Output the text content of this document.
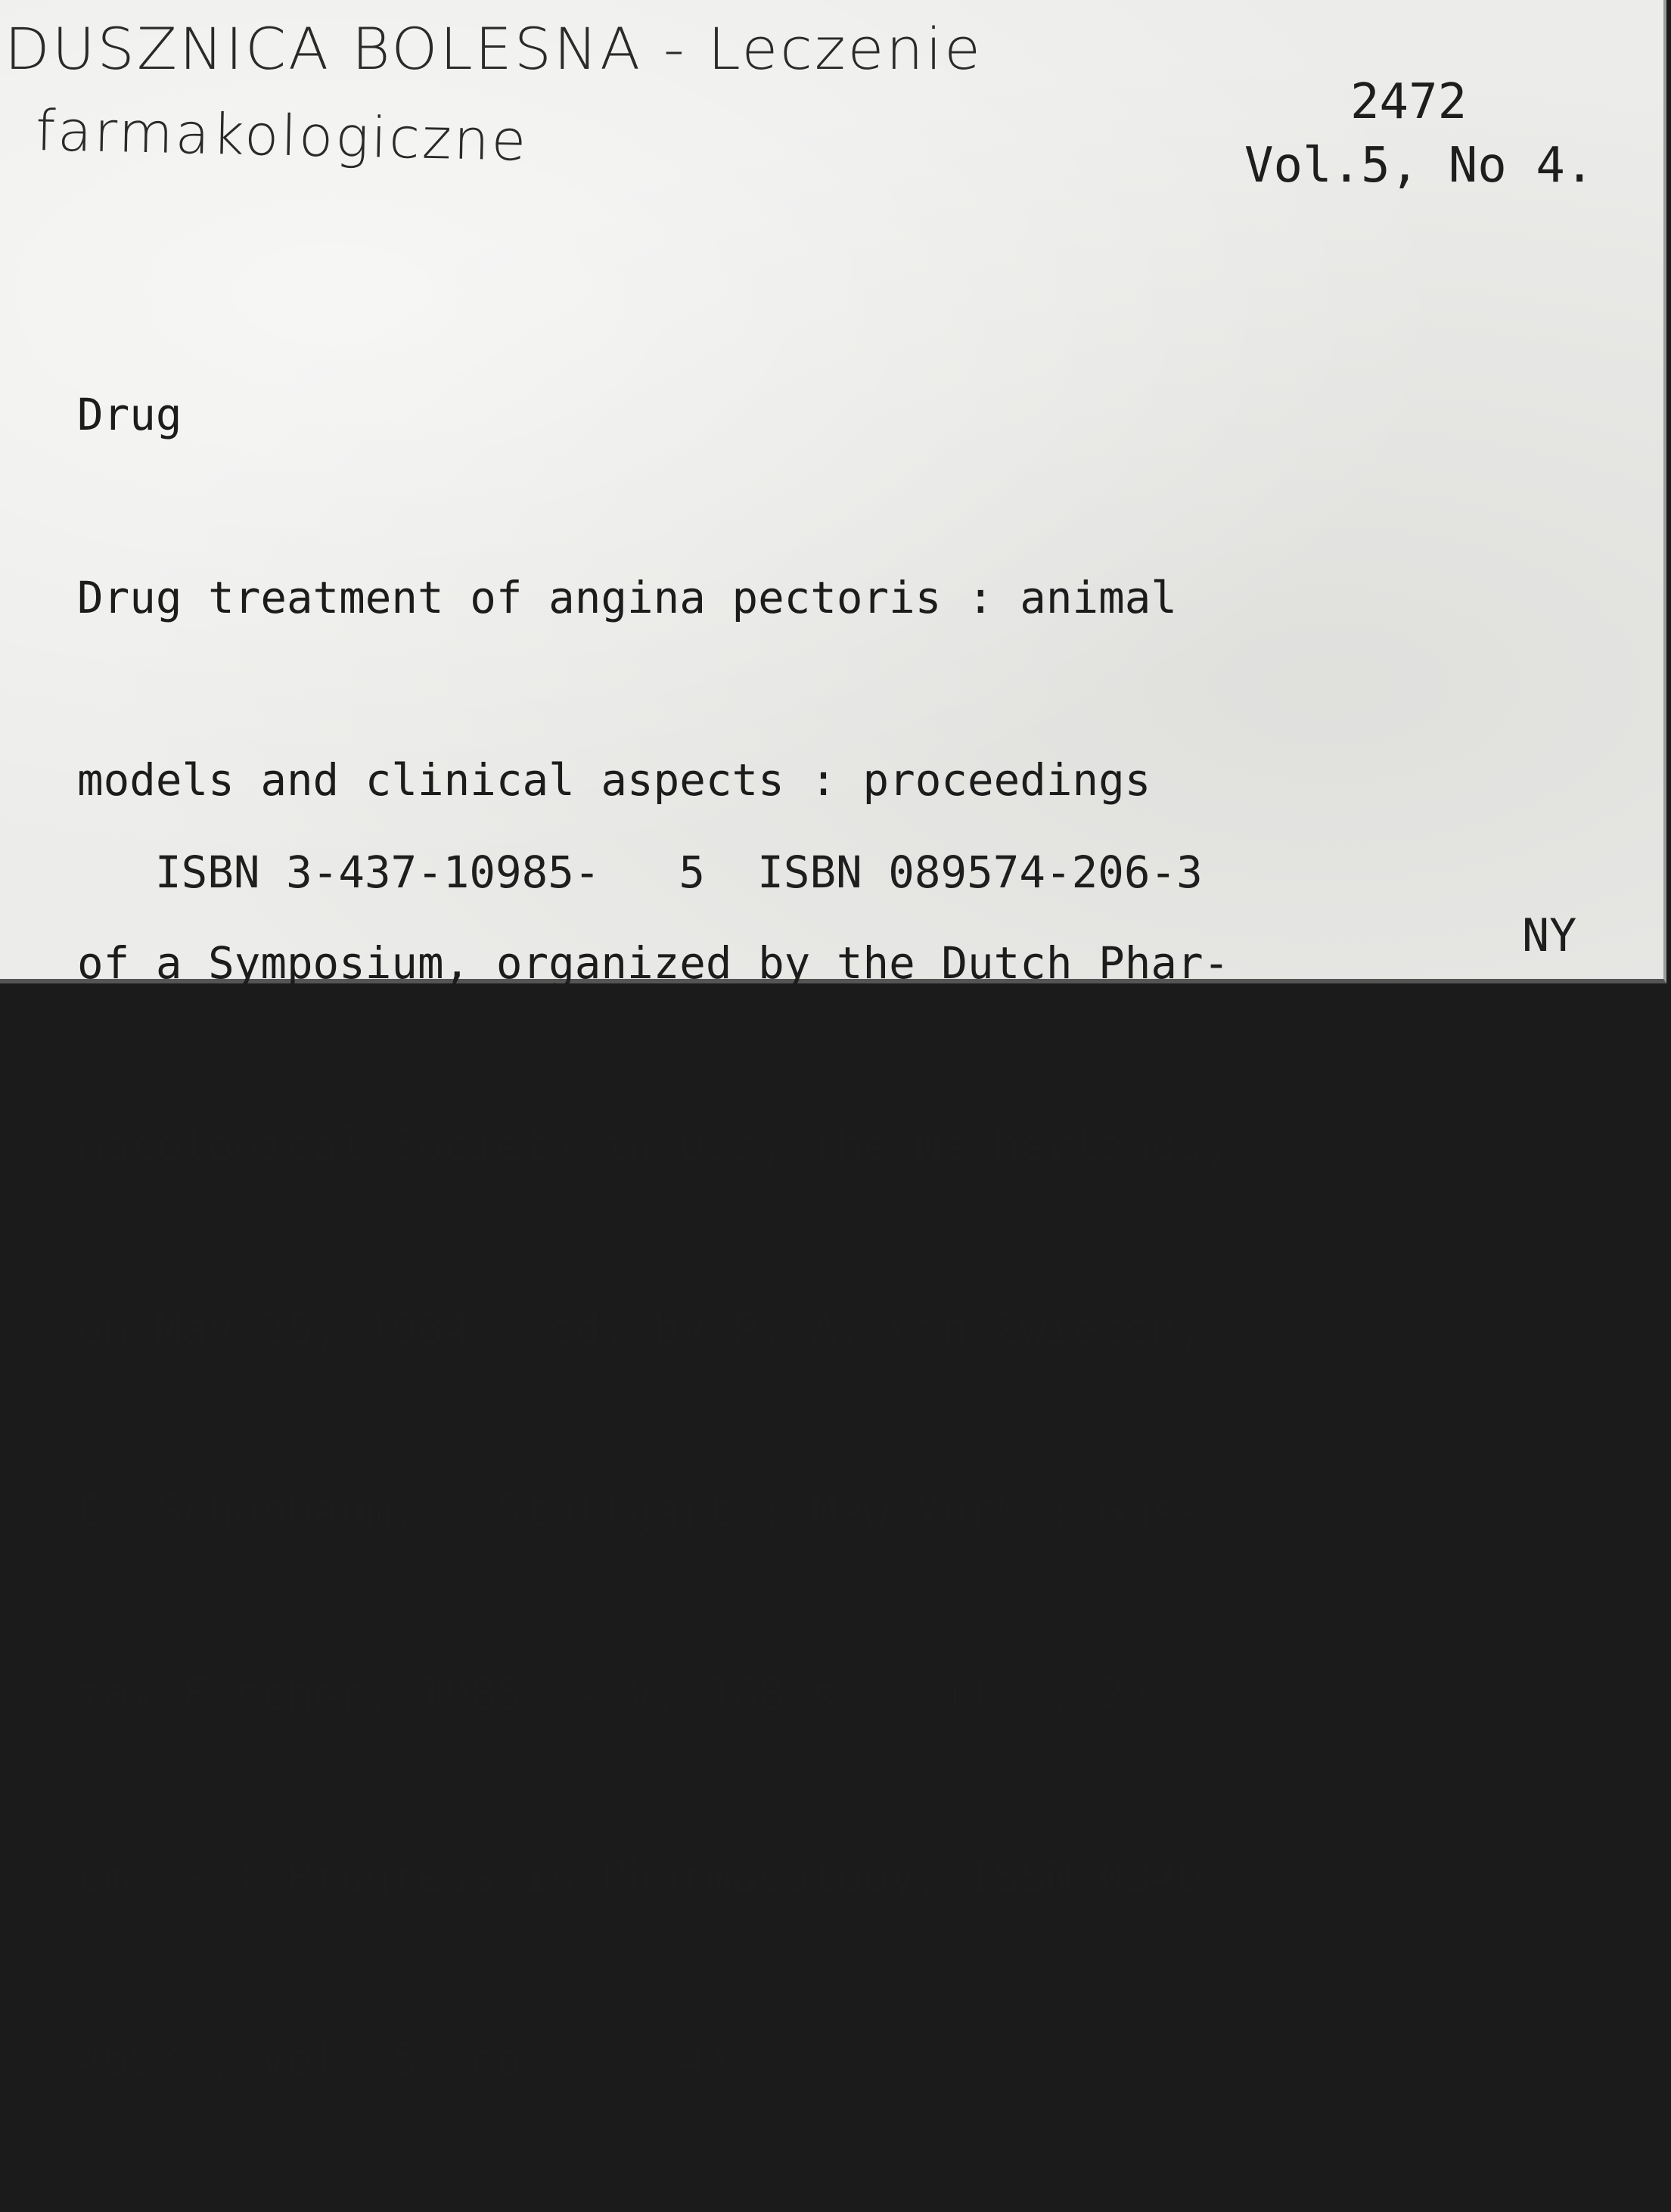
DUSZNICA BOLESNA - Leczenie
farmakologiczne	2472
Vol.5, No 4.

Drug

Drug treatment of angina pectoris : animal

models and clinical aspects : proceedings

of a Symposium, organized by the Dutch Phar-

macological Society in Oss, The Netherlands,

on May 25, 1984 / ed. by P. A. van Zwieten,

E. Schönbaum. - Stuttgart ; New York : Gus-

tav Fischer, 1985. - V, 168 s. : il. ; 24

cm. - ( Progress in Pharmacology, ISSN 0340-

465X ; vol. 5, no.     4)

ISBN 3-437-10985-   5  ISBN 089574-206-3
NY
